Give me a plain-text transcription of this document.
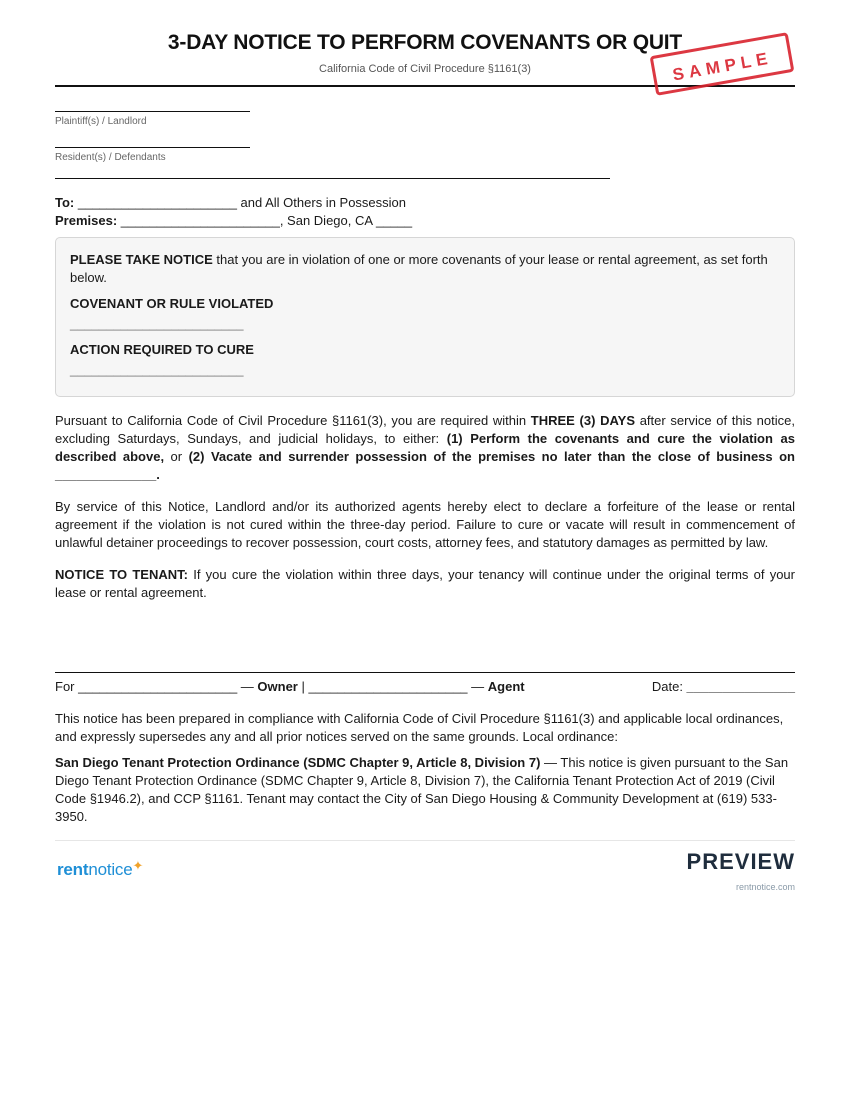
3-DAY NOTICE TO PERFORM COVENANTS OR QUIT
California Code of Civil Procedure §1161(3)	SAMPLE
Plaintiff(s) / Landlord
Resident(s) / Defendants
To: ______________________ and All Others in Possession
Premises: ______________________, San Diego, CA _____
PLEASE TAKE NOTICE that you are in violation of one or more covenants of your lease or rental agreement, as set forth below.
COVENANT OR RULE VIOLATED
________________________
ACTION REQUIRED TO CURE
________________________

Pursuant to California Code of Civil Procedure §1161(3), you are required within THREE (3) DAYS after service of this notice, excluding Saturdays, Sundays, and judicial holidays, to either: (1) Perform the covenants and cure the violation as described above, or (2) Vacate and surrender possession of the premises no later than the close of business on ______________.

By service of this Notice, Landlord and/or its authorized agents hereby elect to declare a forfeiture of the lease or rental agreement if the violation is not cured within the three-day period. Failure to cure or vacate will result in commencement of unlawful detainer proceedings to recover possession, court costs, attorney fees, and statutory damages as permitted by law.

NOTICE TO TENANT: If you cure the violation within three days, your tenancy will continue under the original terms of your lease or rental agreement.

For ______________________ — Owner | ______________________ — Agent	Date: _______________

This notice has been prepared in compliance with California Code of Civil Procedure §1161(3) and applicable local ordinances, and expressly supersedes any and all prior notices served on the same grounds. Local ordinance:

San Diego Tenant Protection Ordinance (SDMC Chapter 9, Article 8, Division 7) — This notice is given pursuant to the San Diego Tenant Protection Ordinance (SDMC Chapter 9, Article 8, Division 7), the California Tenant Protection Act of 2019 (Civil Code §1946.2), and CCP §1161. Tenant may contact the City of San Diego Housing & Community Development at (619) 533-3950.

rentnotice✦	PREVIEW
rentnotice.com
